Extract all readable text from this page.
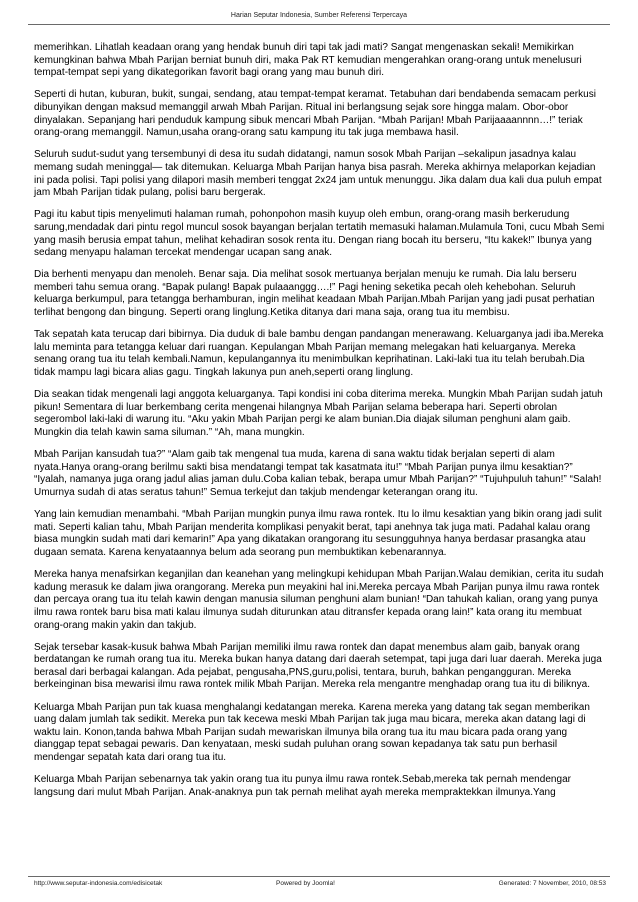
Harian Seputar Indonesia, Sumber Referensi Terpercaya

memerihkan. Lihatlah keadaan orang yang hendak bunuh diri tapi tak jadi mati? Sangat mengenaskan sekali! Memikirkan kemungkinan bahwa Mbah Parijan berniat bunuh diri, maka Pak RT kemudian mengerahkan orang-orang untuk menelusuri tempat-tempat sepi yang dikategorikan favorit bagi orang yang mau bunuh diri.

Seperti di hutan, kuburan, bukit, sungai, sendang, atau tempat-tempat keramat. Tetabuhan dari bendabenda semacam perkusi dibunyikan dengan maksud memanggil arwah Mbah Parijan. Ritual ini berlangsung sejak sore hingga malam. Obor-obor dinyalakan. Sepanjang hari penduduk kampung sibuk mencari Mbah Parijan. “Mbah Parijan! Mbah Parijaaaannnn…!” teriak orang-orang memanggil. Namun,usaha orang-orang satu kampung itu tak juga membawa hasil.

Seluruh sudut-sudut yang tersembunyi di desa itu sudah didatangi, namun sosok Mbah Parijan –sekalipun jasadnya kalau memang sudah meninggal— tak ditemukan. Keluarga Mbah Parijan hanya bisa pasrah. Mereka akhirnya melaporkan kejadian ini pada polisi. Tapi polisi yang dilapori masih memberi tenggat 2x24 jam untuk menunggu. Jika dalam dua kali dua puluh empat jam Mbah Parijan tidak pulang, polisi baru bergerak.

Pagi itu kabut tipis menyelimuti halaman rumah, pohonpohon masih kuyup oleh embun, orang-orang masih berkerudung sarung,mendadak dari pintu regol muncul sosok bayangan berjalan tertatih memasuki halaman.Mulamula Toni, cucu Mbah Semi yang masih berusia empat tahun, melihat kehadiran sosok renta itu. Dengan riang bocah itu berseru, “Itu kakek!” Ibunya yang sedang menyapu halaman tercekat mendengar ucapan sang anak.

Dia berhenti menyapu dan menoleh. Benar saja. Dia melihat sosok mertuanya berjalan menuju ke rumah. Dia lalu berseru memberi tahu semua orang. “Bapak pulang! Bapak pulaaanggg….!” Pagi hening seketika pecah oleh kehebohan. Seluruh keluarga berkumpul, para tetangga berhamburan, ingin melihat keadaan Mbah Parijan.Mbah Parijan yang jadi pusat perhatian terlihat bengong dan bingung. Seperti orang linglung.Ketika ditanya dari mana saja, orang tua itu membisu.

Tak sepatah kata terucap dari bibirnya. Dia duduk di bale bambu dengan pandangan menerawang. Keluarganya jadi iba.Mereka lalu meminta para tetangga keluar dari ruangan. Kepulangan Mbah Parijan memang melegakan hati keluarganya. Mereka senang orang tua itu telah kembali.Namun, kepulangannya itu menimbulkan keprihatinan. Laki-laki tua itu telah berubah.Dia tidak mampu lagi bicara alias gagu. Tingkah lakunya pun aneh,seperti orang linglung.

Dia seakan tidak mengenali lagi anggota keluarganya. Tapi kondisi ini coba diterima mereka. Mungkin Mbah Parijan sudah jatuh pikun! Sementara di luar berkembang cerita mengenai hilangnya Mbah Parijan selama beberapa hari. Seperti obrolan segerombol laki-laki di warung itu. “Aku yakin Mbah Parijan pergi ke alam bunian.Dia diajak siluman penghuni alam gaib. Mungkin dia telah kawin sama siluman.” “Ah, mana mungkin.

Mbah Parijan kansudah tua?” “Alam gaib tak mengenal tua muda, karena di sana waktu tidak berjalan seperti di alam nyata.Hanya orang-orang berilmu sakti bisa mendatangi tempat tak kasatmata itu!” “Mbah Parijan punya ilmu kesaktian?” “Iyalah, namanya juga orang jadul alias jaman dulu.Coba kalian tebak, berapa umur Mbah Parijan?” “Tujuhpuluh tahun!” “Salah! Umurnya sudah di atas seratus tahun!” Semua terkejut dan takjub mendengar keterangan orang itu.

Yang lain kemudian menambahi. “Mbah Parijan mungkin punya ilmu rawa rontek. Itu lo ilmu kesaktian yang bikin orang jadi sulit mati. Seperti kalian tahu, Mbah Parijan menderita komplikasi penyakit berat, tapi anehnya tak juga mati. Padahal kalau orang biasa mungkin sudah mati dari kemarin!” Apa yang dikatakan orangorang itu sesungguhnya hanya berdasar prasangka atau dugaan semata. Karena kenyataannya belum ada seorang pun membuktikan kebenarannya.

Mereka hanya menafsirkan keganjilan dan keanehan yang melingkupi kehidupan Mbah Parijan.Walau demikian, cerita itu sudah kadung merasuk ke dalam jiwa orangorang. Mereka pun meyakini hal ini.Mereka percaya Mbah Parijan punya ilmu rawa rontek dan percaya orang tua itu telah kawin dengan manusia siluman penghuni alam bunian! “Dan tahukah kalian, orang yang punya ilmu rawa rontek baru bisa mati kalau ilmunya sudah diturunkan atau ditransfer kepada orang lain!” kata orang itu membuat orang-orang makin yakin dan takjub.

Sejak tersebar kasak-kusuk bahwa Mbah Parijan memiliki ilmu rawa rontek dan dapat menembus alam gaib, banyak orang berdatangan ke rumah orang tua itu. Mereka bukan hanya datang dari daerah setempat, tapi juga dari luar daerah. Mereka juga berasal dari berbagai kalangan. Ada pejabat, pengusaha,PNS,guru,polisi, tentara, buruh, bahkan pengangguran. Mereka berkeinginan bisa mewarisi ilmu rawa rontek milik Mbah Parijan. Mereka rela mengantre menghadap orang tua itu di biliknya.

Keluarga Mbah Parijan pun tak kuasa menghalangi kedatangan mereka. Karena mereka yang datang tak segan memberikan uang dalam jumlah tak sedikit. Mereka pun tak kecewa meski Mbah Parijan tak juga mau bicara, mereka akan datang lagi di waktu lain. Konon,tanda bahwa Mbah Parijan sudah mewariskan ilmunya bila orang tua itu mau bicara pada orang yang dianggap tepat sebagai pewaris. Dan kenyataan, meski sudah puluhan orang sowan kepadanya tak satu pun berhasil mendengar sepatah kata dari orang tua itu.

Keluarga Mbah Parijan sebenarnya tak yakin orang tua itu punya ilmu rawa rontek.Sebab,mereka tak pernah mendengar langsung dari mulut Mbah Parijan. Anak-anaknya pun tak pernah melihat ayah mereka mempraktekkan ilmunya.Yang

http://www.seputar-indonesia.com/edisicetak	Powered by Joomla!	Generated: 7 November, 2010, 08:53
